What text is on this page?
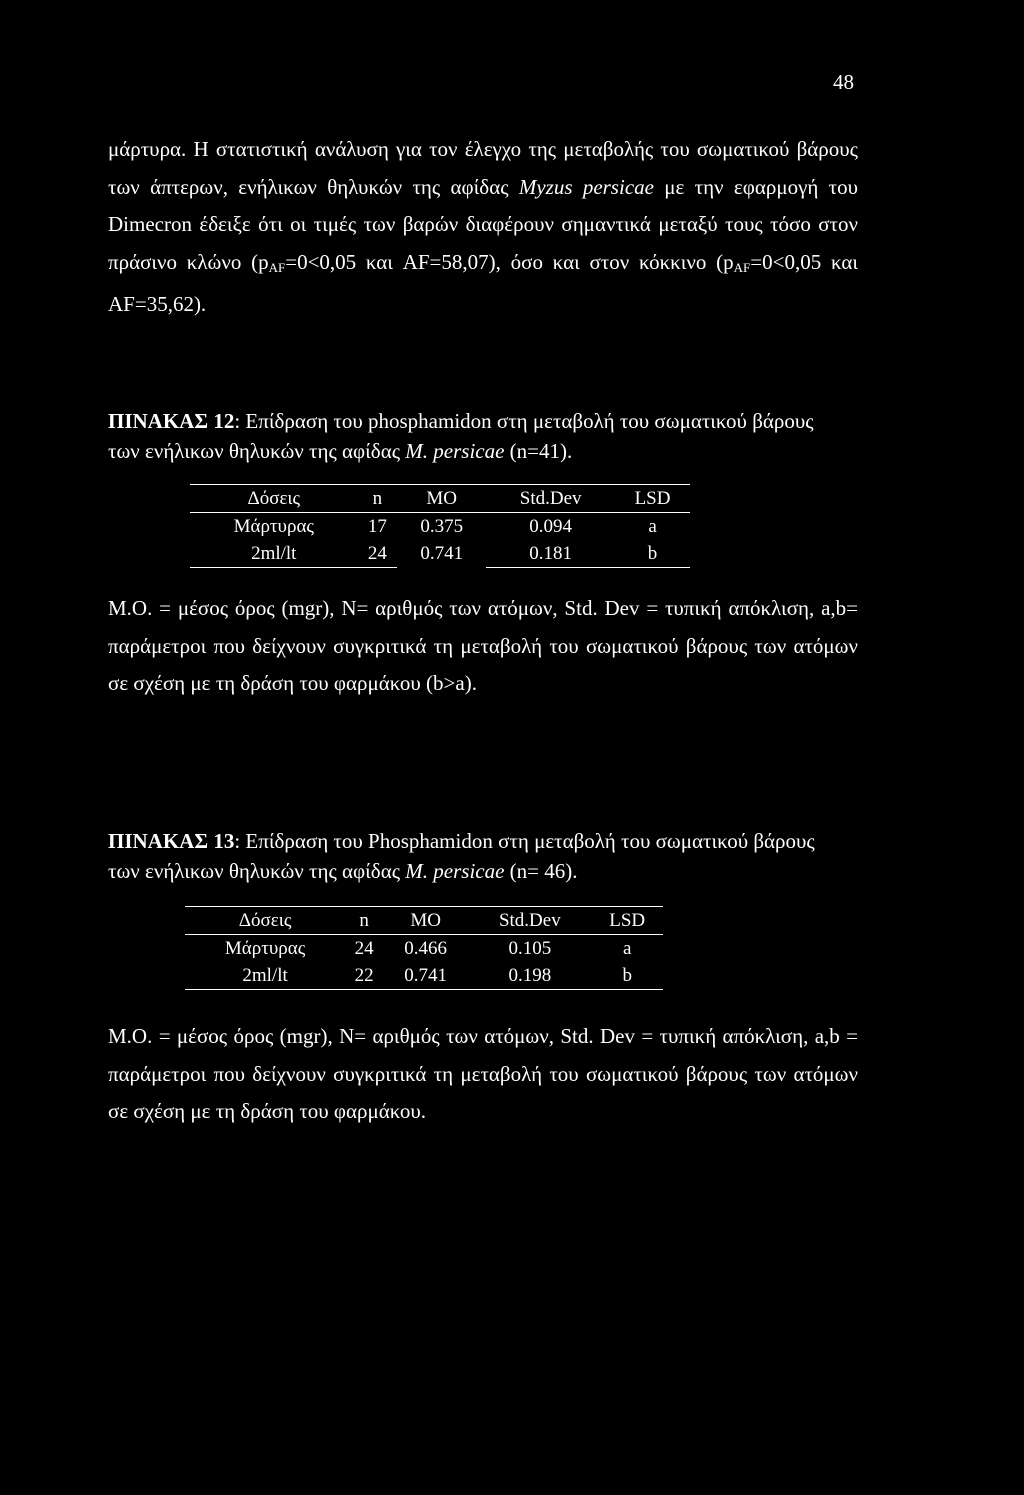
48
μάρτυρα. Η στατιστική ανάλυση για τον έλεγχο της μεταβολής του σωματικού βάρους
των άπτερων, ενήλικων θηλυκών της αφίδας Myzus persicae με την εφαρμογή του
Dimecron έδειξε ότι οι τιμές των βαρών διαφέρουν σημαντικά μεταξύ τους τόσο στον
πράσινο κλώνο ($p_{AF}=0<0,05$ και AF=58,07), όσο και στον κόκκινο ($p_{AF}=0<0,05$ και
AF=35,62).
ΠΙΝΑΚΑΣ 12: Επίδραση του phosphamidon στη μεταβολή του σωματικού βάρους
των ενήλικων θηλυκών της αφίδας M. persicae (n=41).
Δόσεις	n	MO	Std.Dev	LSD
Μάρτυρας	17	0.375	0.094	a
2ml/lt	24	0.741	0.181	b
M.O. = μέσος όρος (mgr), N= αριθμός των ατόμων, Std. Dev = τυπική απόκλιση, a,b=
παράμετροι που δείχνουν συγκριτικά τη μεταβολή του σωματικού βάρους των ατόμων
σε σχέση με τη δράση του φαρμάκου (b>a).
ΠΙΝΑΚΑΣ 13: Επίδραση του Phosphamidon στη μεταβολή του σωματικού βάρους
των ενήλικων θηλυκών της αφίδας M. persicae (n= 46).
Δόσεις	n	MO	Std.Dev	LSD
Μάρτυρας	24	0.466	0.105	a
2ml/lt	22	0.741	0.198	b
M.O. = μέσος όρος (mgr), N= αριθμός των ατόμων, Std. Dev = τυπική απόκλιση, a,b =
παράμετροι που δείχνουν συγκριτικά τη μεταβολή του σωματικού βάρους των ατόμων
σε σχέση με τη δράση του φαρμάκου.
